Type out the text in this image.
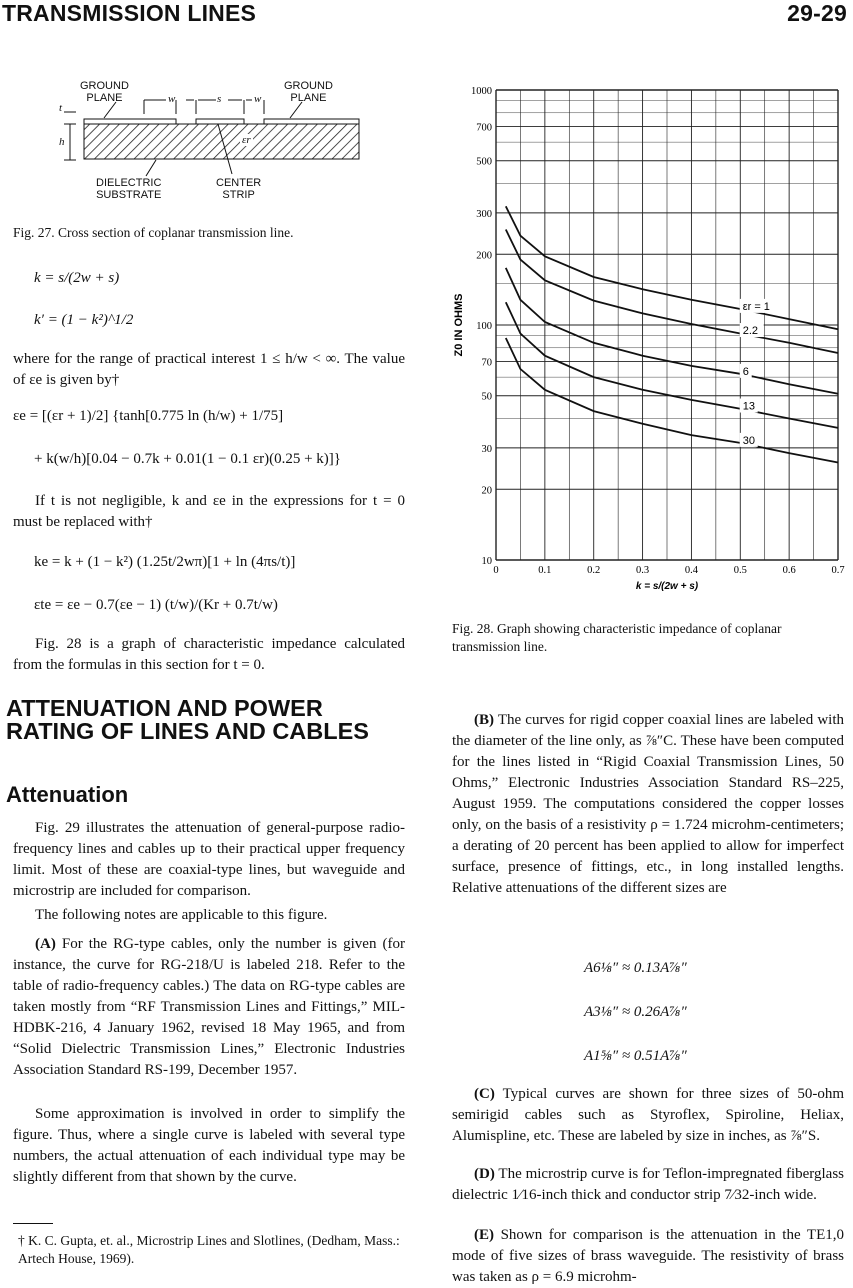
TRANSMISSION LINES	29-29
GROUND
PLANE
GROUND
PLANE
w	s	w
t
h	εr
DIELECTRIC
SUBSTRATE
CENTER
STRIP
Fig. 27. Cross section of coplanar transmission line.
k = s/(2w + s)
k′ = (1 − k²)^1/2
where for the range of practical interest 1 ≤ h/w < ∞. The value of εe is given by†
εe = [(εr + 1)/2] {tanh[0.775 ln (h/w) + 1/75]
+ k(w/h)[0.04 − 0.7k + 0.01(1 − 0.1 εr)(0.25 + k)]}
If t is not negligible, k and εe in the expressions for t = 0 must be replaced with†
ke = k + (1 − k²) (1.25t/2wπ)[1 + ln (4πs/t)]
εte = εe − 0.7(εe − 1) (t/w)/(Kr + 0.7t/w)
Fig. 28 is a graph of characteristic impedance calculated from the formulas in this section for t = 0.
10
20
30
50
70
100
200
300
500
700
1000
0	0.1	0.2	0.3	0.4	0.5	0.6	0.7
k = s/(2w + s)
Z0 IN OHMS	εr = 1
2.2
6
13
30
Fig. 28. Graph showing characteristic impedance of coplanar transmission line.
ATTENUATION AND POWER RATING OF LINES AND CABLES
Attenuation
Fig. 29 illustrates the attenuation of general-purpose radio-frequency lines and cables up to their practical upper frequency limit. Most of these are coaxial-type lines, but waveguide and microstrip are included for comparison.
The following notes are applicable to this figure.
(A) For the RG-type cables, only the number is given (for instance, the curve for RG-218/U is labeled 218. Refer to the table of radio-frequency cables.) The data on RG-type cables are taken mostly from “RF Transmission Lines and Fittings,” MIL-HDBK-216, 4 January 1962, revised 18 May 1965, and from “Solid Dielectric Transmission Lines,” Electronic Industries Association Standard RS-199, December 1957.
Some approximation is involved in order to simplify the figure. Thus, where a single curve is labeled with several type numbers, the actual attenuation of each individual type may be slightly different from that shown by the curve.
† K. C. Gupta, et. al., Microstrip Lines and Slotlines, (Dedham, Mass.: Artech House, 1969).
(B) The curves for rigid copper coaxial lines are labeled with the diameter of the line only, as ⅞″C. These have been computed for the lines listed in “Rigid Coaxial Transmission Lines, 50 Ohms,” Electronic Industries Association Standard RS–225, August 1959. The computations considered the copper losses only, on the basis of a resistivity ρ = 1.724 microhm-centimeters; a derating of 20 percent has been applied to allow for imperfect surface, presence of fittings, etc., in long installed lengths. Relative attenuations of the different sizes are
A6⅛″ ≈ 0.13A⅞″
A3⅛″ ≈ 0.26A⅞″
A1⅝″ ≈ 0.51A⅞″
(C) Typical curves are shown for three sizes of 50-ohm semirigid cables such as Styroflex, Spiroline, Heliax, Alumispline, etc. These are labeled by size in inches, as ⅞″S.
(D) The microstrip curve is for Teflon-impregnated fiberglass dielectric 1⁄16-inch thick and conductor strip 7⁄32-inch wide.
(E) Shown for comparison is the attenuation in the TE1,0 mode of five sizes of brass waveguide. The resistivity of brass was taken as ρ = 6.9 microhm-
